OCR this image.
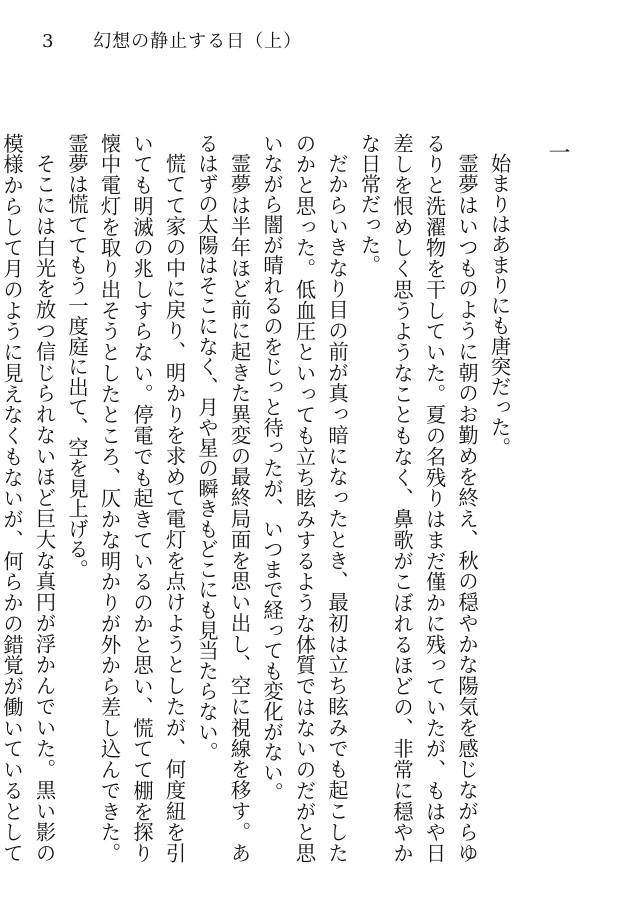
3 幻想の静止する日（上）
一

始まりはあまりにも唐突だった。

霊夢はいつものように朝のお勤めを終え、秋の穏やかな陽気を感じながらゆるりと洗濯物を干していた。夏の名残りはまだ僅かに残っていたが、もはや日差しを恨めしく思うようなこともなく、鼻歌がこぼれるほどの、非常に穏やかな日常だった。

だからいきなり目の前が真っ暗になったとき、最初は立ち眩みでも起こしたのかと思った。低血圧といっても立ち眩みするような体質ではないのだがと思いながら闇が晴れるのをじっと待ったが、いつまで経っても変化がない。

霊夢は半年ほど前に起きた異変の最終局面を思い出し、空に視線を移す。あるはずの太陽はそこになく、月や星の瞬きもどこにも見当たらない。

慌てて家の中に戻り、明かりを求めて電灯を点けようとしたが、何度紐を引いても明滅の兆しすらない。停電でも起きているのかと思い、慌てて棚を探り懐中電灯を取り出そうとしたところ、仄かな明かりが外から差し込んできた。霊夢は慌ててもう一度庭に出て、空を見上げる。

そこには白光を放つ信じられないほど巨大な真円が浮かんでいた。黒い影の模様からして月のように見えなくもないが、何らかの錯覚が働いているとして
